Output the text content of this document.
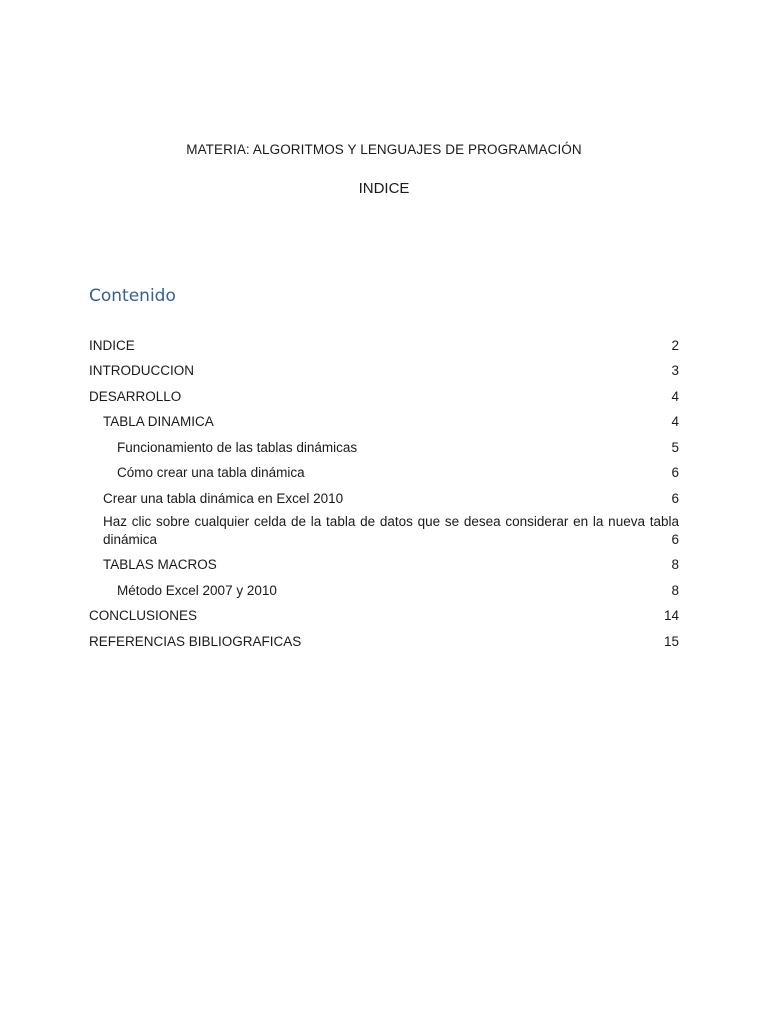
MATERIA: ALGORITMOS Y LENGUAJES DE PROGRAMACIÓN
INDICE
Contenido
INDICE	2
INTRODUCCION	3
DESARROLLO	4
TABLA DINAMICA	4
Funcionamiento de las tablas dinámicas	5
Cómo crear una tabla dinámica	6
Crear una tabla dinámica en Excel 2010	6
Haz clic sobre cualquier celda de la tabla de datos que se desea considerar en la nueva tabla
dinámica	6
TABLAS MACROS	8
Método Excel 2007 y 2010	8
CONCLUSIONES	14
REFERENCIAS BIBLIOGRAFICAS	15
